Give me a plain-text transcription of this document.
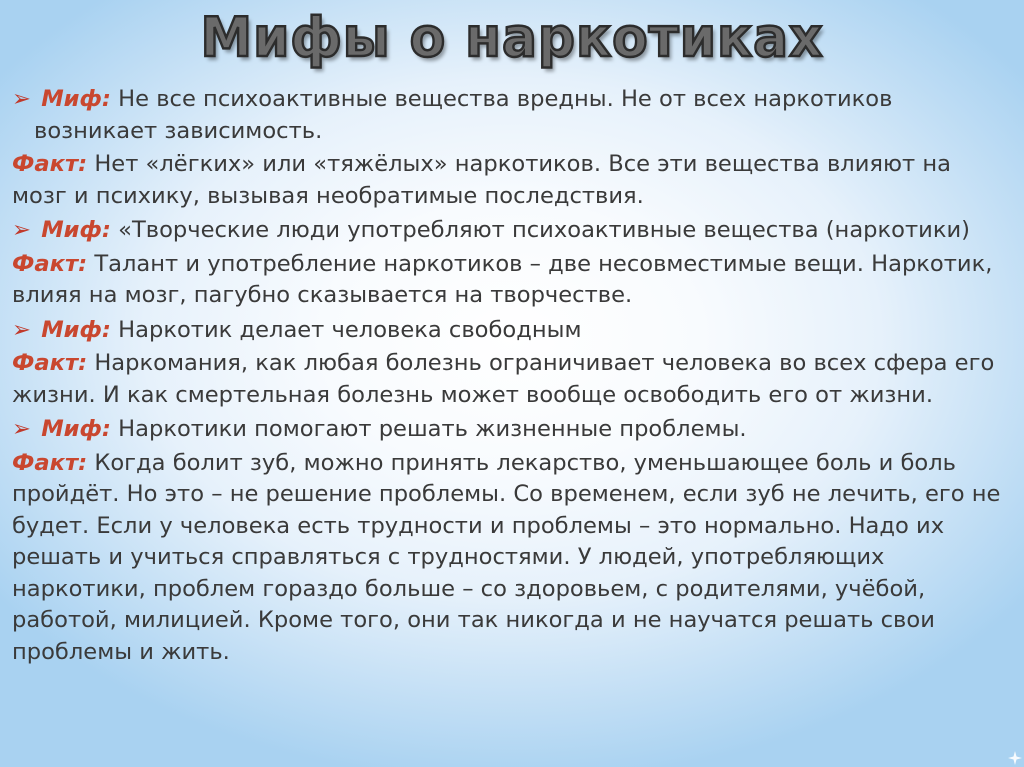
Мифы о наркотиках

➢ Миф: Не все психоактивные вещества вредны. Не от всех наркотиков возникает зависимость.

Факт: Нет «лёгких» или «тяжёлых» наркотиков. Все эти вещества влияют на мозг и психику, вызывая необратимые последствия.

➢ Миф: «Творческие люди употребляют психоактивные вещества (наркотики)

Факт: Талант и употребление наркотиков – две несовместимые вещи. Наркотик, влияя на мозг, пагубно сказывается на творчестве.

➢ Миф: Наркотик делает человека свободным

Факт: Наркомания, как любая болезнь ограничивает человека во всех сфера его жизни. И как смертельная болезнь может вообще освободить его от жизни.

➢ Миф: Наркотики помогают решать жизненные проблемы.

Факт: Когда болит зуб, можно принять лекарство, уменьшающее боль и боль пройдёт. Но это – не решение проблемы. Со временем, если зуб не лечить, его не будет. Если у человека есть трудности и проблемы – это нормально. Надо их решать и учиться справляться с трудностями. У людей, употребляющих наркотики, проблем гораздо больше – со здоровьем, с родителями, учёбой, работой, милицией. Кроме того, они так никогда и не научатся решать свои проблемы и жить.
